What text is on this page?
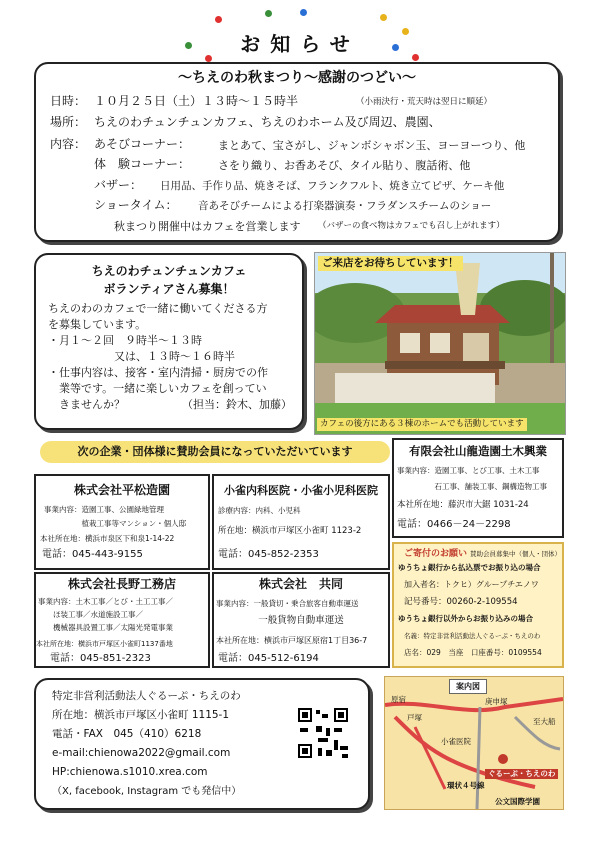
お知らせ
～ちえのわ秋まつり～感謝のつどい～
日時： １０月２５日（土）１３時～１５時半	（小雨決行・荒天時は翌日に順延）
場所： ちえのわチュンチュンカフェ、ちえのわホーム及び周辺、農園、
内容： あそびコーナー：	まとあて、宝さがし、ジャンボシャボン玉、ヨーヨーつり、他
体　験コーナー：	さをり織り、お香あそび、タイル貼り、腹話術、他
バザー： 日用品、手作り品、焼きそば、フランクフルト、焼き立てピザ、ケーキ他
ショータイム： 音あそびチームによる打楽器演奏・フラダンスチームのショー
秋まつり開催中はカフェを営業します （バザーの食べ物はカフェでも召し上がれます）
ちえのわチュンチュンカフェ
ボランティアさん募集！
ちえのわのカフェで一緒に働いてくださる方
を募集しています。
・月１～２回　９時半～１３時
　　　　　　又は、１３時～１６時半
・仕事内容は、接客・室内清掃・厨房での作
　業等です。一緒に楽しいカフェを創ってい
　きませんか？	（担当：鈴木、加藤）
ご来店をお待ちしています！
カフェの後方にある３棟のホームでも活動しています
次の企業・団体様に賛助会員になっていただいています
株式会社平松造園
事業内容：造園工事、公園緑地管理
　　　　　植栽工事等マンション・個人邸
本社所在地：横浜市泉区下和泉1-14-22
電話：045-443-9155
小雀内科医院・小雀小児科医院
診療内容：内科、小児科
所在地：横浜市戸塚区小雀町 1123-2
電話：045-852-2353
有限会社山龍造園土木興業
事業内容：造園工事、とび工事、土木工事
　　　　　石工事、舗装工事、鋼構造物工事
本社所在地：藤沢市大鋸 1031-24
電話：0466－24－2298
株式会社長野工務店
事業内容：土木工事／とび・土工工事／
　　ほ装工事／水道施設工事／
　　機械器具設置工事／太陽光発電事業
本社所在地：横浜市戸塚区小雀町1137番地
電話：045-851-2323
株式会社　共同
事業内容：一般貸切・乗合旅客自動車運送
一般貨物自動車運送
本社所在地：横浜市戸塚区原宿1丁目36-7
電話：045-512-6194
ご寄付のお願い 賛助会員募集中（個人・団体）
ゆうちょ銀行から払込票でお振り込の場合
加入者名：トクヒ）グループチエノワ
記号番号：00260-2-109554
ゆうちょ銀行以外からお振り込みの場合
名義：特定非営利活動法人ぐるーぷ・ちえのわ
店名：029　当座　口座番号：0109554
特定非営利活動法人ぐるーぷ・ちえのわ
所在地：横浜市戸塚区小雀町 1115-1
電話・FAX　045（410）6218
e-mail:chienowa2022@gmail.com
HP:chienowa.s1010.xrea.com
（X, facebook, Instagram でも発信中）
案内図
原宿
戸塚
庚申塚
至大船
小雀医院
ぐるーぷ・ちえのわ
環状４号線
公文国際学園
